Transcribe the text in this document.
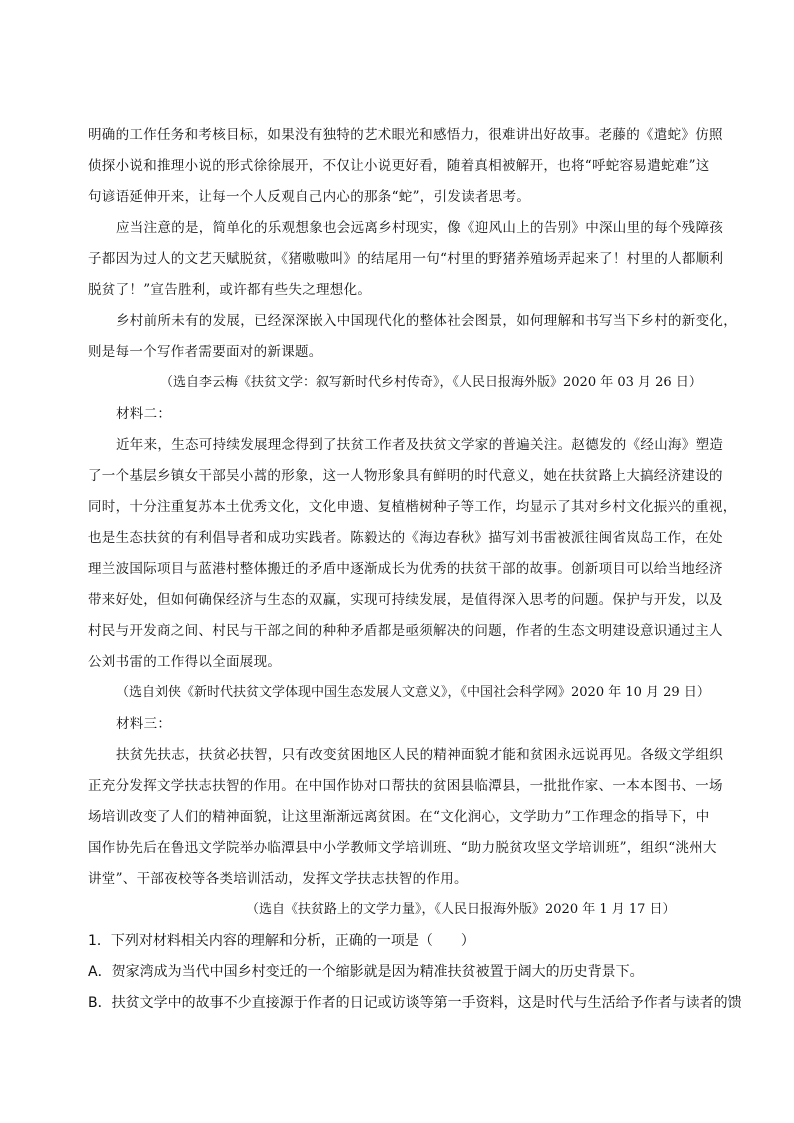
明确的工作任务和考核目标，如果没有独特的艺术眼光和感悟力，很难讲出好故事。老藤的《遣蛇》仿照
侦探小说和推理小说的形式徐徐展开，不仅让小说更好看，随着真相被解开，也将“呼蛇容易遣蛇难”这
句谚语延伸开来，让每一个人反观自己内心的那条“蛇”，引发读者思考。
应当注意的是，简单化的乐观想象也会远离乡村现实，像《迎风山上的告别》中深山里的每个残障孩
子都因为过人的文艺天赋脱贫，《猪嗷嗷叫》的结尾用一句“村里的野猪养殖场弄起来了！村里的人都顺利
脱贫了！”宣告胜利，或许都有些失之理想化。
乡村前所未有的发展，已经深深嵌入中国现代化的整体社会图景，如何理解和书写当下乡村的新变化，
则是每一个写作者需要面对的新课题。
（选自李云梅《扶贫文学：叙写新时代乡村传奇》，《人民日报海外版》2020 年 03 月 26 日）
材料二：
近年来，生态可持续发展理念得到了扶贫工作者及扶贫文学家的普遍关注。赵德发的《经山海》塑造
了一个基层乡镇女干部吴小蒿的形象，这一人物形象具有鲜明的时代意义，她在扶贫路上大搞经济建设的
同时，十分注重复苏本土优秀文化，文化申遗、复植楷树种子等工作，均显示了其对乡村文化振兴的重视，
也是生态扶贫的有利倡导者和成功实践者。陈毅达的《海边春秋》描写刘书雷被派往闽省岚岛工作，在处
理兰波国际项目与蓝港村整体搬迁的矛盾中逐渐成长为优秀的扶贫干部的故事。创新项目可以给当地经济
带来好处，但如何确保经济与生态的双赢，实现可持续发展，是值得深入思考的问题。保护与开发，以及
村民与开发商之间、村民与干部之间的种种矛盾都是亟须解决的问题，作者的生态文明建设意识通过主人
公刘书雷的工作得以全面展现。
（选自刘侠《新时代扶贫文学体现中国生态发展人文意义》，《中国社会科学网》2020 年 10 月 29 日）
材料三：
扶贫先扶志，扶贫必扶智，只有改变贫困地区人民的精神面貌才能和贫困永远说再见。各级文学组织
正充分发挥文学扶志扶智的作用。在中国作协对口帮扶的贫困县临潭县，一批批作家、一本本图书、一场
场培训改变了人们的精神面貌，让这里渐渐远离贫困。在“文化润心，文学助力”工作理念的指导下，中
国作协先后在鲁迅文学院举办临潭县中小学教师文学培训班、“助力脱贫攻坚文学培训班”，组织“洮州大
讲堂”、干部夜校等各类培训活动，发挥文学扶志扶智的作用。
（选自《扶贫路上的文学力量》，《人民日报海外版》2020 年 1 月 17 日）
1．下列对材料相关内容的理解和分析，正确的一项是（　　）
A．贺家湾成为当代中国乡村变迁的一个缩影就是因为精准扶贫被置于阔大的历史背景下。
B．扶贫文学中的故事不少直接源于作者的日记或访谈等第一手资料，这是时代与生活给予作者与读者的馈
